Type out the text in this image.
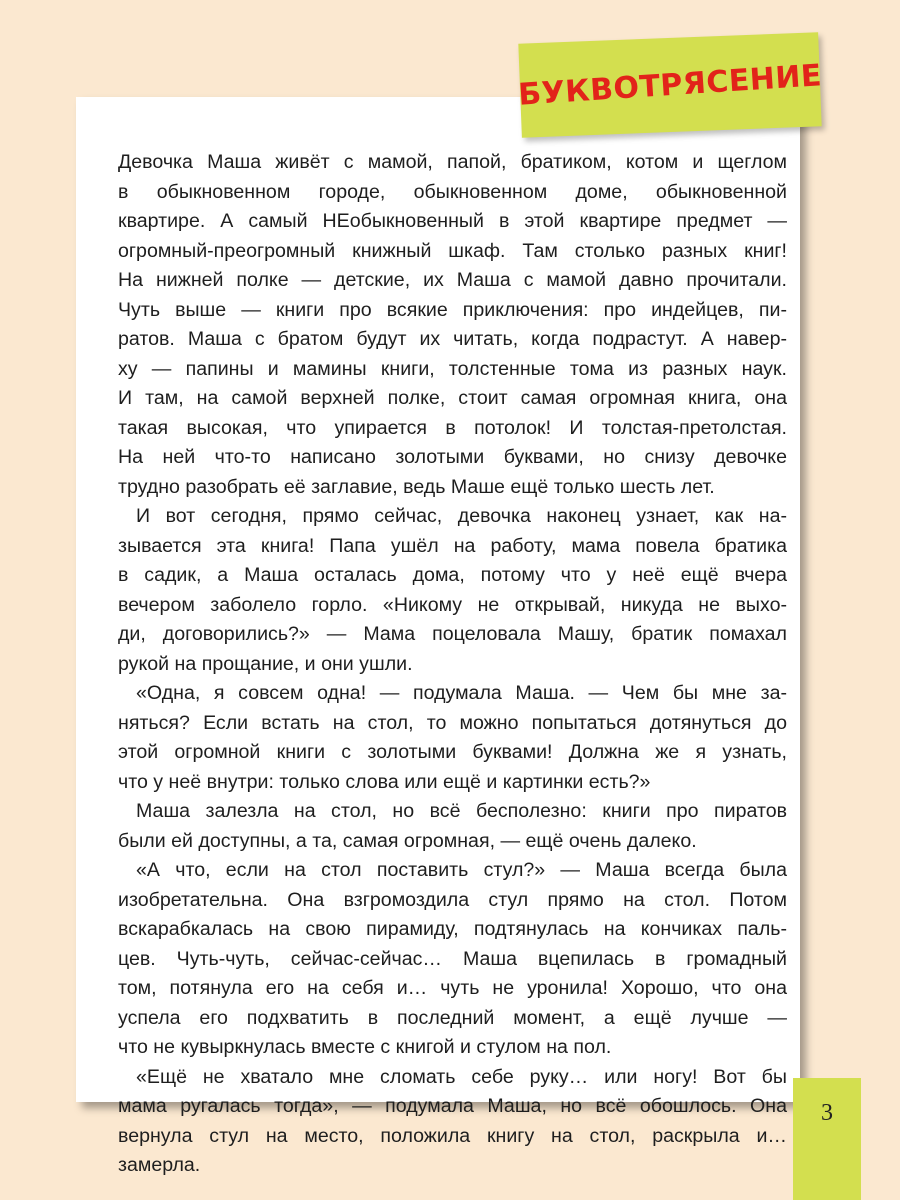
БУКВОТРЯСЕНИЕ
Девочка Маша живёт с мамой, папой, братиком, котом и щеглом
в обыкновенном городе, обыкновенном доме, обыкновенной
квартире. А самый НЕобыкновенный в этой квартире предмет —
огромный-преогромный книжный шкаф. Там столько разных книг!
На нижней полке — детские, их Маша с мамой давно прочитали.
Чуть выше — книги про всякие приключения: про индейцев, пи-
ратов. Маша с братом будут их читать, когда подрастут. А навер-
ху — папины и мамины книги, толстенные тома из разных наук.
И там, на самой верхней полке, стоит самая огромная книга, она
такая высокая, что упирается в потолок! И толстая-претолстая.
На ней что-то написано золотыми буквами, но снизу девочке
трудно разобрать её заглавие, ведь Маше ещё только шесть лет.
И вот сегодня, прямо сейчас, девочка наконец узнает, как на-
зывается эта книга! Папа ушёл на работу, мама повела братика
в садик, а Маша осталась дома, потому что у неё ещё вчера
вечером заболело горло. «Никому не открывай, никуда не выхо-
ди, договорились?» — Мама поцеловала Машу, братик помахал
рукой на прощание, и они ушли.
«Одна, я совсем одна! — подумала Маша. — Чем бы мне за-
няться? Если встать на стол, то можно попытаться дотянуться до
этой огромной книги с золотыми буквами! Должна же я узнать,
что у неё внутри: только слова или ещё и картинки есть?»
Маша залезла на стол, но всё бесполезно: книги про пиратов
были ей доступны, а та, самая огромная, — ещё очень далеко.
«А что, если на стол поставить стул?» — Маша всегда была
изобретательна. Она взгромоздила стул прямо на стол. Потом
вскарабкалась на свою пирамиду, подтянулась на кончиках паль-
цев. Чуть-чуть, сейчас-сейчас… Маша вцепилась в громадный
том, потянула его на себя и… чуть не уронила! Хорошо, что она
успела его подхватить в последний момент, а ещё лучше —
что не кувыркнулась вместе с книгой и стулом на пол.
«Ещё не хватало мне сломать себе руку… или ногу! Вот бы
мама ругалась тогда», — подумала Маша, но всё обошлось. Она
вернула стул на место, положила книгу на стол, раскрыла и…
замерла.
3
